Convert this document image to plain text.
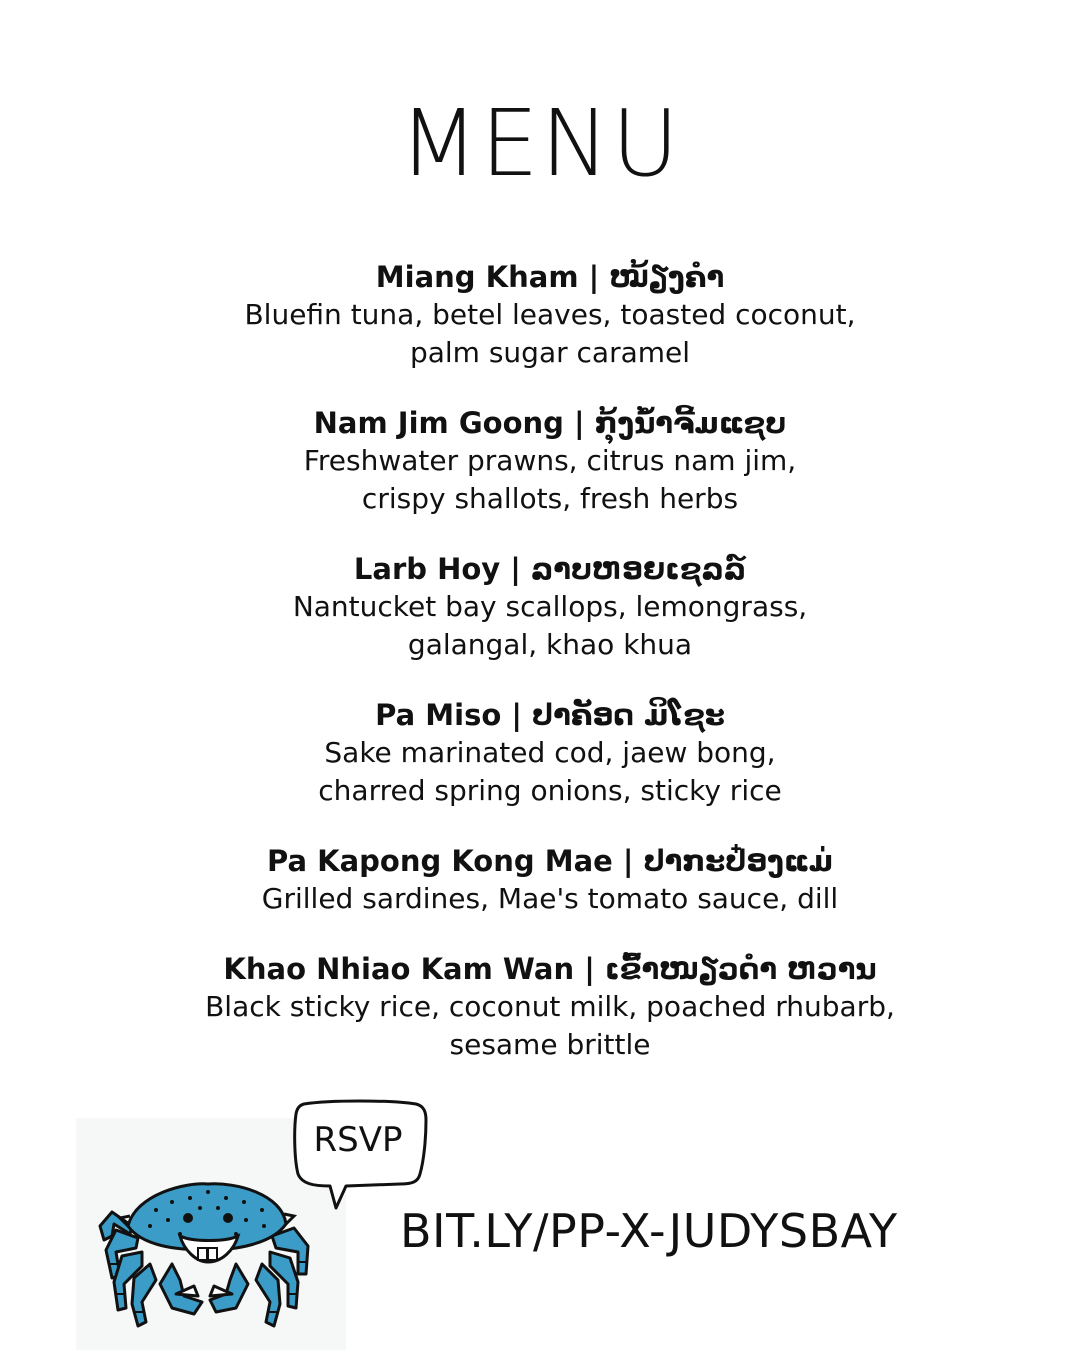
MENU
Miang Kham | ໝ້ຽງຄຳ
Bluefin tuna, betel leaves, toasted coconut,
palm sugar caramel
Nam Jim Goong | ກຸ້ງນ້ຳຈີ້ມແຊບ
Freshwater prawns, citrus nam jim,
crispy shallots, fresh herbs
Larb Hoy | ລາບຫອຍເຊລລ໌
Nantucket bay scallops, lemongrass,
galangal, khao khua
Pa Miso | ປາຄັອດ ມິໂຊະ
Sake marinated cod, jaew bong,
charred spring onions, sticky rice
Pa Kapong Kong Mae | ປາກະປ໋ອງແມ່
Grilled sardines, Mae's tomato sauce, dill
Khao Nhiao Kam Wan | ເຂົ້າໜຽວດຳ ຫວານ
Black sticky rice, coconut milk, poached rhubarb,
sesame brittle
RSVP
BIT.LY/PP-X-JUDYSBAY
